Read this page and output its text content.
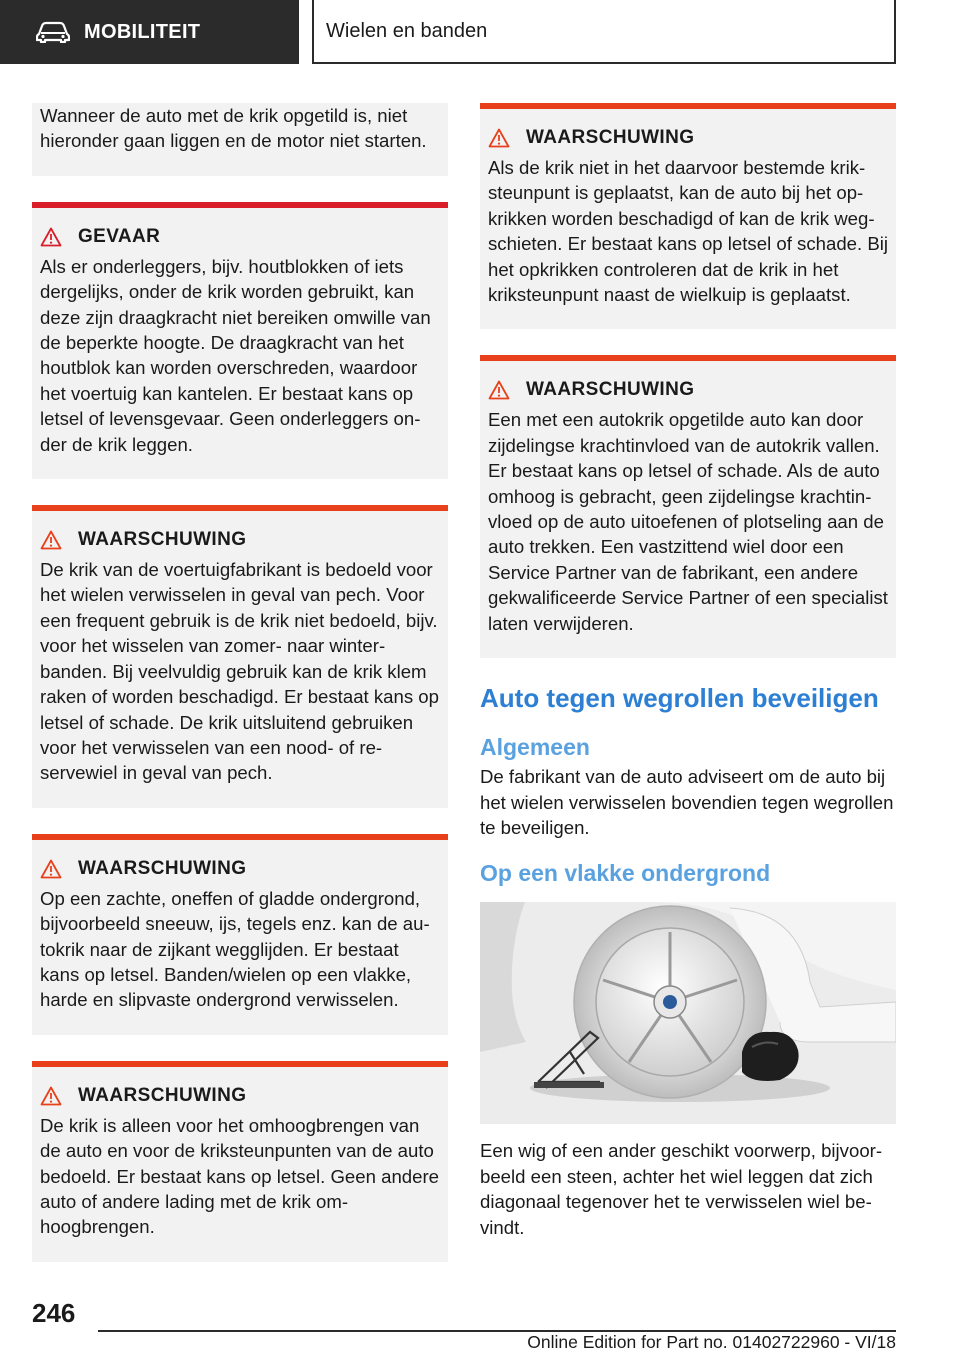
MOBILITEIT	Wielen en banden

Wanneer de auto met de krik opgetild is, niet hieronder gaan liggen en de motor niet starten.

GEVAAR

Als er onderleggers, bijv. houtblokken of iets dergelijks, onder de krik worden gebruikt, kan deze zijn draagkracht niet bereiken omwille van de beperkte hoogte. De draagkracht van het houtblok kan worden overschreden, waardoor het voertuig kan kantelen. Er bestaat kans op letsel of levensgevaar. Geen onderleggers onder de krik leggen.

WAARSCHUWING

De krik van de voertuigfabrikant is bedoeld voor het wielen verwisselen in geval van pech. Voor een frequent gebruik is de krik niet bedoeld, bijv. voor het wisselen van zomer- naar winterbanden. Bij veelvuldig gebruik kan de krik klem raken of worden beschadigd. Er bestaat kans op letsel of schade. De krik uitsluitend gebruiken voor het verwisselen van een nood- of reservewiel in geval van pech.

WAARSCHUWING

Op een zachte, oneffen of gladde ondergrond, bijvoorbeeld sneeuw, ijs, tegels enz. kan de autokrik naar de zijkant wegglijden. Er bestaat kans op letsel. Banden/wielen op een vlakke, harde en slipvaste ondergrond verwisselen.

WAARSCHUWING

De krik is alleen voor het omhoogbrengen van de auto en voor de kriksteunpunten van de auto bedoeld. Er bestaat kans op letsel. Geen andere auto of andere lading met de krik omhoogbrengen.

WAARSCHUWING

Als de krik niet in het daarvoor bestemde kriksteunpunt is geplaatst, kan de auto bij het opkrikken worden beschadigd of kan de krik wegschieten. Er bestaat kans op letsel of schade. Bij het opkrikken controleren dat de krik in het kriksteunpunt naast de wielkuip is geplaatst.

WAARSCHUWING

Een met een autokrik opgetilde auto kan door zijdelingse krachtinvloed van de autokrik vallen. Er bestaat kans op letsel of schade. Als de auto omhoog is gebracht, geen zijdelingse krachtinvloed op de auto uitoefenen of plotseling aan de auto trekken. Een vastzittend wiel door een Service Partner van de fabrikant, een andere gekwalificeerde Service Partner of een specialist laten verwijderen.

Auto tegen wegrollen beveiligen
Algemeen

De fabrikant van de auto adviseert om de auto bij het wielen verwisselen bovendien tegen wegrollen te beveiligen.

Op een vlakke ondergrond

Een wig of een ander geschikt voorwerp, bijvoorbeeld een steen, achter het wiel leggen dat zich diagonaal tegenover het te verwisselen wiel bevindt.

246
Online Edition for Part no. 01402722960 - VI/18
